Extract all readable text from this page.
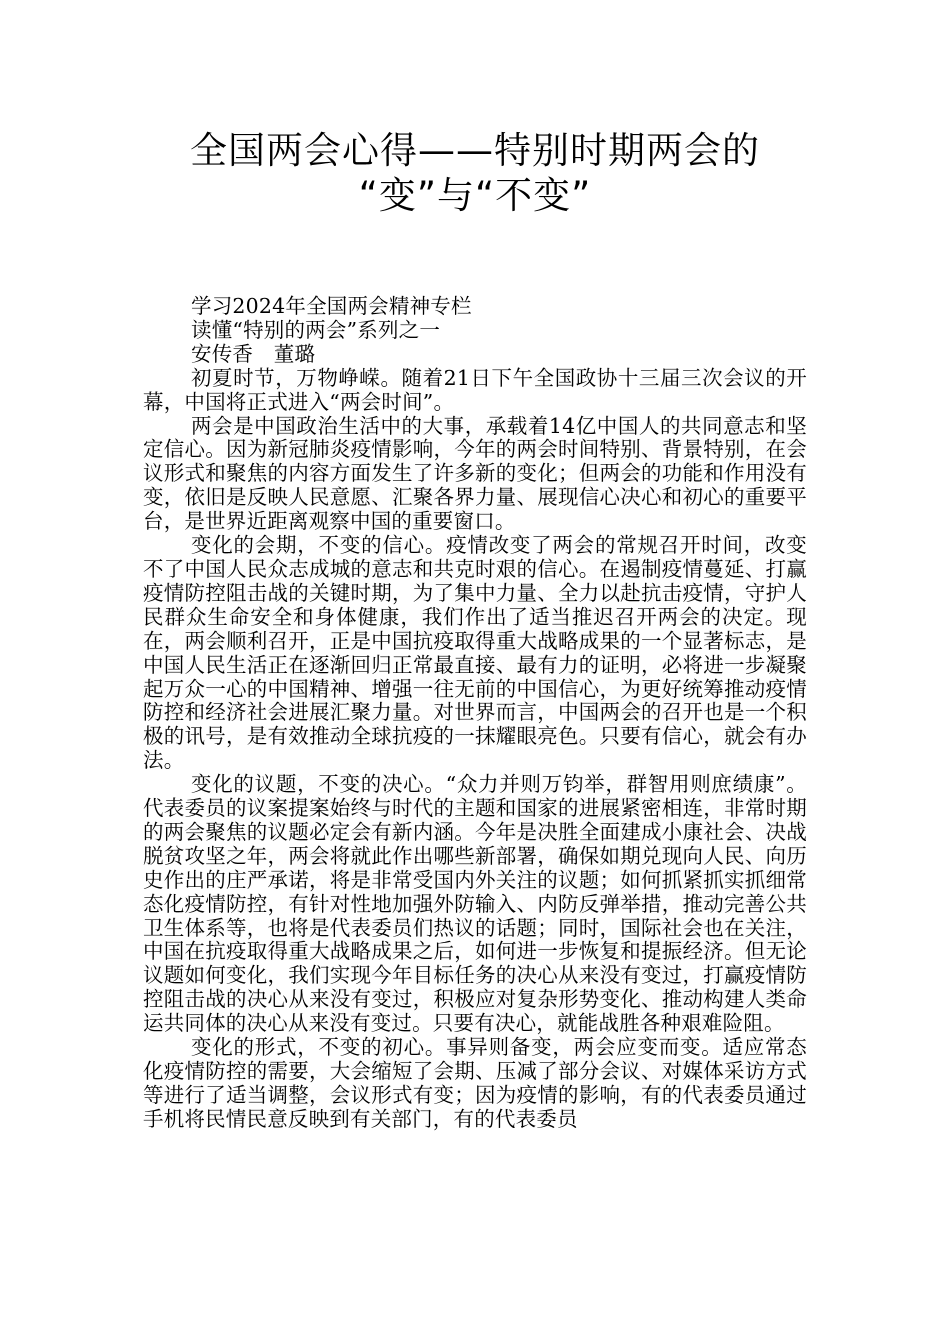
全国两会心得——特别时期两会的
“变”与“不变”

学习2024年全国两会精神专栏

读懂“特别的两会”系列之一

安传香　董璐

初夏时节，万物峥嵘。随着21日下午全国政协十三届三次会议的开幕，中国将正式进入“两会时间”。

两会是中国政治生活中的大事，承载着14亿中国人的共同意志和坚定信心。因为新冠肺炎疫情影响，今年的两会时间特别、背景特别，在会议形式和聚焦的内容方面发生了许多新的变化；但两会的功能和作用没有变，依旧是反映人民意愿、汇聚各界力量、展现信心决心和初心的重要平台，是世界近距离观察中国的重要窗口。

变化的会期，不变的信心。疫情改变了两会的常规召开时间，改变不了中国人民众志成城的意志和共克时艰的信心。在遏制疫情蔓延、打赢疫情防控阻击战的关键时期，为了集中力量、全力以赴抗击疫情，守护人民群众生命安全和身体健康，我们作出了适当推迟召开两会的决定。现在，两会顺利召开，正是中国抗疫取得重大战略成果的一个显著标志，是中国人民生活正在逐渐回归正常最直接、最有力的证明，必将进一步凝聚起万众一心的中国精神、增强一往无前的中国信心，为更好统筹推动疫情防控和经济社会进展汇聚力量。对世界而言，中国两会的召开也是一个积极的讯号，是有效推动全球抗疫的一抹耀眼亮色。只要有信心，就会有办法。

变化的议题，不变的决心。“众力并则万钧举，群智用则庶绩康”。代表委员的议案提案始终与时代的主题和国家的进展紧密相连，非常时期的两会聚焦的议题必定会有新内涵。今年是决胜全面建成小康社会、决战脱贫攻坚之年，两会将就此作出哪些新部署，确保如期兑现向人民、向历史作出的庄严承诺，将是非常受国内外关注的议题；如何抓紧抓实抓细常态化疫情防控，有针对性地加强外防输入、内防反弹举措，推动完善公共卫生体系等，也将是代表委员们热议的话题；同时，国际社会也在关注，中国在抗疫取得重大战略成果之后，如何进一步恢复和提振经济。但无论议题如何变化，我们实现今年目标任务的决心从来没有变过，打赢疫情防控阻击战的决心从来没有变过，积极应对复杂形势变化、推动构建人类命运共同体的决心从来没有变过。只要有决心，就能战胜各种艰难险阻。

变化的形式，不变的初心。事异则备变，两会应变而变。适应常态化疫情防控的需要，大会缩短了会期、压减了部分会议、对媒体采访方式等进行了适当调整，会议形式有变；因为疫情的影响，有的代表委员通过手机将民情民意反映到有关部门，有的代表委员
